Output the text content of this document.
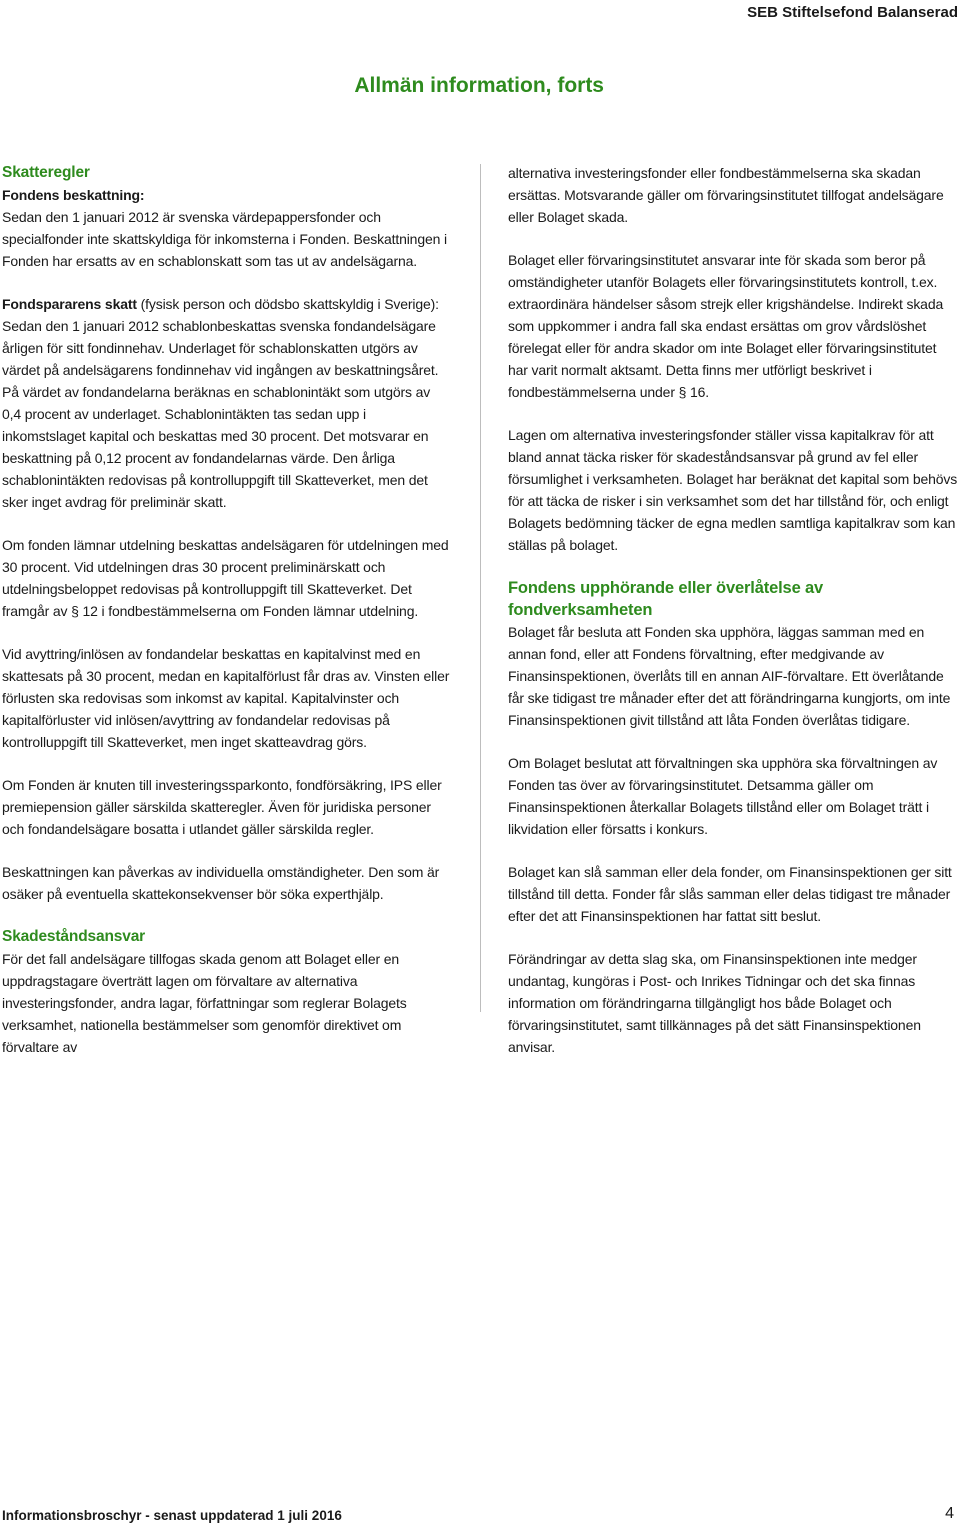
SEB Stiftelsefond Balanserad
Allmän information, forts
Skatteregler
Fondens beskattning:

Sedan den 1 januari 2012 är svenska värdepappersfonder och specialfonder inte skattskyldiga för inkomsterna i Fonden. Beskattningen i Fonden har ersatts av en schablonskatt som tas ut av andelsägarna.

Fondspararens skatt (fysisk person och dödsbo skattskyldig i Sverige): Sedan den 1 januari 2012 schablonbeskattas svenska fondandelsägare årligen för sitt fondinnehav. Underlaget för schablonskatten utgörs av värdet på andelsägarens fondinnehav vid ingången av beskattningsåret. På värdet av fondandelarna beräknas en schablonintäkt som utgörs av 0,4 procent av underlaget. Schablonintäkten tas sedan upp i inkomstslaget kapital och beskattas med 30 procent. Det motsvarar en beskattning på 0,12 procent av fondandelarnas värde. Den årliga schablonintäkten redovisas på kontrolluppgift till Skatteverket, men det sker inget avdrag för preliminär skatt.

Om fonden lämnar utdelning beskattas andelsägaren för utdelningen med 30 procent. Vid utdelningen dras 30 procent preliminärskatt och utdelningsbeloppet redovisas på kontrolluppgift till Skatteverket. Det framgår av § 12 i fondbestämmelserna om Fonden lämnar utdelning.

Vid avyttring/inlösen av fondandelar beskattas en kapitalvinst med en skattesats på 30 procent, medan en kapitalförlust får dras av. Vinsten eller förlusten ska redovisas som inkomst av kapital. Kapitalvinster och kapitalförluster vid inlösen/avyttring av fondandelar redovisas på kontrolluppgift till Skatteverket, men inget skatteavdrag görs.

Om Fonden är knuten till investeringssparkonto, fondförsäkring, IPS eller premiepension gäller särskilda skatteregler. Även för juridiska personer och fondandelsägare bosatta i utlandet gäller särskilda regler.

Beskattningen kan påverkas av individuella omständigheter. Den som är osäker på eventuella skattekonsekvenser bör söka experthjälp.

Skadeståndsansvar

För det fall andelsägare tillfogas skada genom att Bolaget eller en uppdragstagare överträtt lagen om förvaltare av alternativa investeringsfonder, andra lagar, författningar som reglerar Bolagets verksamhet, nationella bestämmelser som genomför direktivet om förvaltare av

alternativa investeringsfonder eller fondbestämmelserna ska skadan ersättas. Motsvarande gäller om förvaringsinstitutet tillfogat andelsägare eller Bolaget skada.

Bolaget eller förvaringsinstitutet ansvarar inte för skada som beror på omständigheter utanför Bolagets eller förvaringsinstitutets kontroll, t.ex. extraordinära händelser såsom strejk eller krigshändelse. Indirekt skada som uppkommer i andra fall ska endast ersättas om grov vårdslöshet förelegat eller för andra skador om inte Bolaget eller förvaringsinstitutet har varit normalt aktsamt. Detta finns mer utförligt beskrivet i fondbestämmelserna under § 16.

Lagen om alternativa investeringsfonder ställer vissa kapitalkrav för att bland annat täcka risker för skadeståndsansvar på grund av fel eller försumlighet i verksamheten. Bolaget har beräknat det kapital som behövs för att täcka de risker i sin verksamhet som det har tillstånd för, och enligt Bolagets bedömning täcker de egna medlen samtliga kapitalkrav som kan ställas på bolaget.

Fondens upphörande eller överlåtelse av fondverksamheten

Bolaget får besluta att Fonden ska upphöra, läggas samman med en annan fond, eller att Fondens förvaltning, efter medgivande av Finansinspektionen, överlåts till en annan AIF-förvaltare. Ett överlåtande får ske tidigast tre månader efter det att förändringarna kungjorts, om inte Finansinspektionen givit tillstånd att låta Fonden överlåtas tidigare.

Om Bolaget beslutat att förvaltningen ska upphöra ska förvaltningen av Fonden tas över av förvaringsinstitutet. Detsamma gäller om Finansinspektionen återkallar Bolagets tillstånd eller om Bolaget trätt i likvidation eller försatts i konkurs.

Bolaget kan slå samman eller dela fonder, om Finansinspektionen ger sitt tillstånd till detta. Fonder får slås samman eller delas tidigast tre månader efter det att Finansinspektionen har fattat sitt beslut.

Förändringar av detta slag ska, om Finansinspektionen inte medger undantag, kungöras i Post- och Inrikes Tidningar och det ska finnas information om förändringarna tillgängligt hos både Bolaget och förvaringsinstitutet, samt tillkännages på det sätt Finansinspektionen anvisar.

Informationsbroschyr - senast uppdaterad 1 juli 2016	4
